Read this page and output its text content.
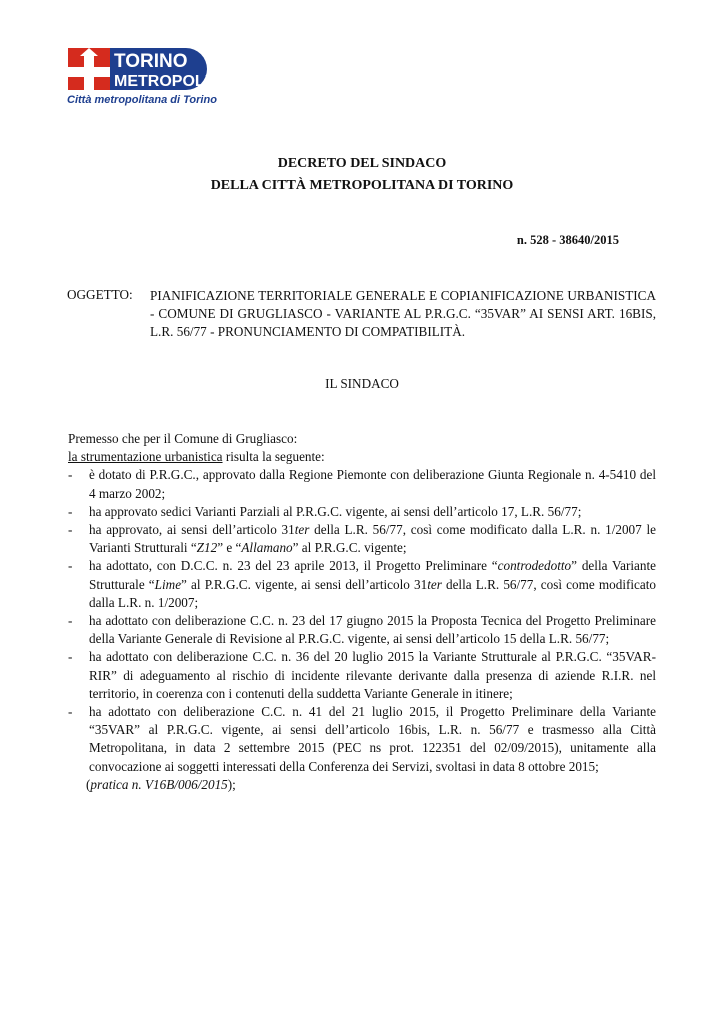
TORINO
METROPOLI
Città metropolitana di Torino
DECRETO DEL SINDACO
DELLA CITTÀ METROPOLITANA DI TORINO
n. 528 - 38640/2015
OGGETTO: PIANIFICAZIONE TERRITORIALE GENERALE E COPIANIFICAZIONE URBANISTICA - COMUNE DI GRUGLIASCO - VARIANTE AL P.R.G.C. “35VAR” AI SENSI ART. 16BIS, L.R. 56/77 - PRONUNCIAMENTO DI COMPATIBILITÀ.
IL SINDACO

Premesso che per il Comune di Grugliasco:

la strumentazione urbanistica risulta la seguente:

- è dotato di P.R.G.C., approvato dalla Regione Piemonte con deliberazione Giunta Regionale n. 4-5410 del 4 marzo 2002;
- ha approvato sedici Varianti Parziali al P.R.G.C. vigente, ai sensi dell’articolo 17, L.R. 56/77;
- ha approvato, ai sensi dell’articolo 31ter della L.R. 56/77, così come modificato dalla L.R. n. 1/2007 le Varianti Strutturali “Z12” e “Allamano” al P.R.G.C. vigente;
- ha adottato, con D.C.C. n. 23 del 23 aprile 2013, il Progetto Preliminare “controdedotto” della Variante Strutturale “Lime” al P.R.G.C. vigente, ai sensi dell’articolo 31ter della L.R. 56/77, così come modificato dalla L.R. n. 1/2007;
- ha adottato con deliberazione C.C. n. 23 del 17 giugno 2015 la Proposta Tecnica del Progetto Preliminare della Variante Generale di Revisione al P.R.G.C. vigente, ai sensi dell’articolo 15 della L.R. 56/77;
- ha adottato con deliberazione C.C. n. 36 del 20 luglio 2015 la Variante Strutturale al P.R.G.C. “35VAR-RIR” di adeguamento al rischio di incidente rilevante derivante dalla presenza di aziende R.I.R. nel territorio, in coerenza con i contenuti della suddetta Variante Generale in itinere;
- ha adottato con deliberazione C.C. n. 41 del 21 luglio 2015, il Progetto Preliminare della Variante “35VAR” al P.R.G.C. vigente, ai sensi dell’articolo 16bis, L.R. n. 56/77 e trasmesso alla Città Metropolitana, in data 2 settembre 2015 (PEC ns prot. 122351 del 02/09/2015), unitamente alla convocazione ai soggetti interessati della Conferenza dei Servizi, svoltasi in data 8 ottobre 2015;

(pratica n. V16B/006/2015);
